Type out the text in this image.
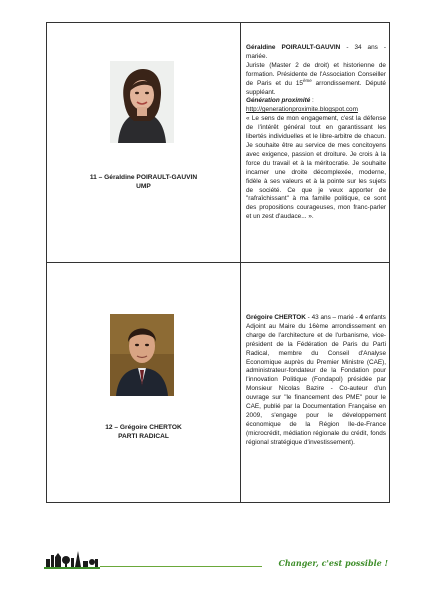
11 – Géraldine POIRAULT-GAUVIN
UMP

Géraldine POIRAULT-GAUVIN - 34 ans - mariée.

Juriste (Master 2 de droit) et historienne de formation. Présidente de l'Association Conseiller de Paris et du 15ème arrondissement. Député suppléant.

Génération proximité :

http://generationproximite.blogspot.com

« Le sens de mon engagement, c'est la défense de l'intérêt général tout en garantissant les libertés individuelles et le libre-arbitre de chacun. Je souhaite être au service de mes concitoyens avec exigence, passion et droiture. Je crois à la force du travail et à la méritocratie. Je souhaite incarner une droite décomplexée, moderne, fidèle à ses valeurs et à la pointe sur les sujets de société. Ce que je veux apporter de "rafraîchissant" à ma famille politique, ce sont des propositions courageuses, mon franc-parler et un zest d'audace... ».

12 – Grégoire CHERTOK
PARTI RADICAL

Grégoire CHERTOK - 43 ans – marié - 4 enfants

Adjoint au Maire du 16ème arrondissement en charge de l'architecture et de l'urbanisme, vice-président de la Fédération de Paris du Parti Radical, membre du Conseil d'Analyse Economique auprès du Premier Ministre (CAE), administrateur-fondateur de la Fondation pour l'innovation Politique (Fondapol) présidée par Monsieur Nicolas Bazire - Co-auteur d'un ouvrage sur "le financement des PME" pour le CAE, publié par la Documentation Française en 2009, s'engage pour le développement économique de la Région Ile-de-France (microcrédit, médiation régionale du crédit, fonds régional stratégique d'investissement).

Changer, c'est possible !
